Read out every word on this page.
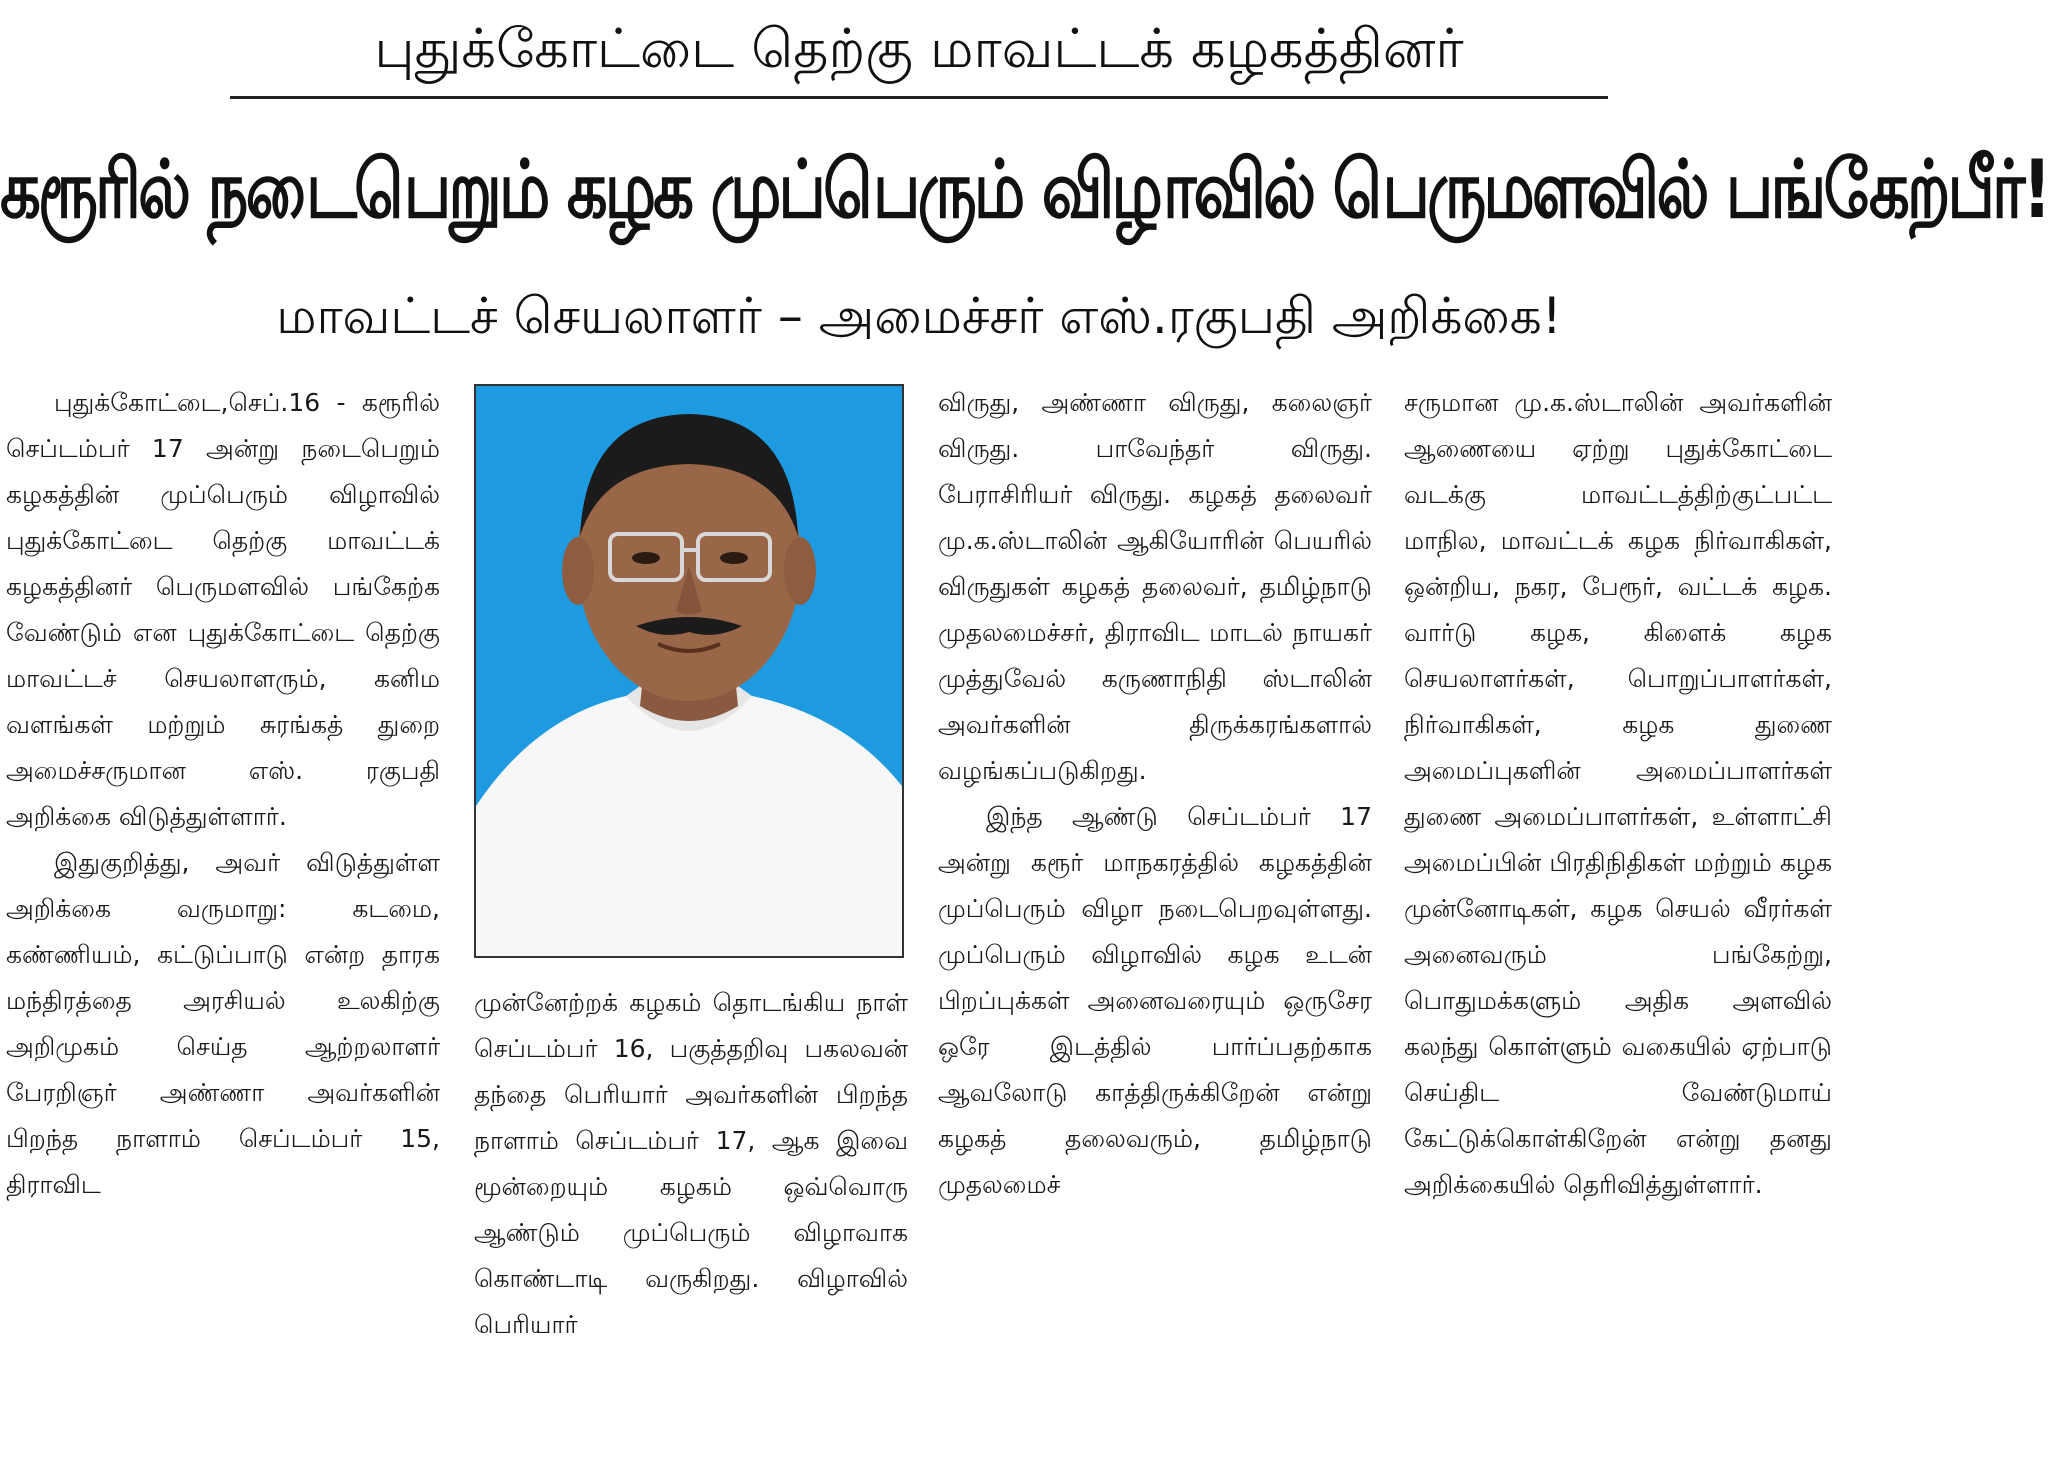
புதுக்கோட்டை தெற்கு மாவட்டக் கழகத்தினர்
கரூரில் நடைபெறும் கழக முப்பெரும் விழாவில் பெருமளவில் பங்கேற்பீர்!
மாவட்டச் செயலாளர் – அமைச்சர் எஸ்.ரகுபதி அறிக்கை!

புதுக்கோட்டை,செப்.16 - கரூரில் செப்டம்பர் 17 அன்று நடைபெறும் கழகத்தின் முப்பெரும் விழாவில் புதுக்கோட்டை தெற்கு மாவட்டக் கழகத்தினர் பெருமளவில் பங்கேற்க வேண்டும் என புதுக்கோட்டை தெற்கு மாவட்டச் செயலாளரும், கனிம வளங்கள் மற்றும் சுரங்கத் துறை அமைச்சருமான எஸ். ரகுபதி அறிக்கை விடுத்துள்ளார்.

இதுகுறித்து, அவர் விடுத்துள்ள அறிக்கை வருமாறு: கடமை, கண்ணியம், கட்டுப்பாடு என்ற தாரக மந்திரத்தை அரசியல் உலகிற்கு அறிமுகம் செய்த ஆற்றலாளர் பேரறிஞர் அண்ணா அவர்களின் பிறந்த நாளாம் செப்டம்பர் 15, திராவிட

முன்னேற்றக் கழகம் தொடங்கிய நாள் செப்டம்பர் 16, பகுத்தறிவு பகலவன் தந்தை பெரியார் அவர்களின் பிறந்த நாளாம் செப்டம்பர் 17, ஆக இவை மூன்றையும் கழகம் ஒவ்வொரு ஆண்டும் முப்பெரும் விழாவாக கொண்டாடி வருகிறது. விழாவில் பெரியார்

விருது, அண்ணா விருது, கலைஞர் விருது. பாவேந்தர் விருது. பேராசிரியர் விருது. கழகத் தலைவர் மு.க.ஸ்டாலின் ஆகியோரின் பெயரில் விருதுகள் கழகத் தலைவர், தமிழ்நாடு முதலமைச்சர், திராவிட மாடல் நாயகர் முத்துவேல் கருணாநிதி ஸ்டாலின் அவர்களின் திருக்கரங்களால் வழங்கப்படுகிறது.

இந்த ஆண்டு செப்டம்பர் 17 அன்று கரூர் மாநகரத்தில் கழகத்தின் முப்பெரும் விழா நடைபெறவுள்ளது. முப்பெரும் விழாவில் கழக உடன் பிறப்புக்கள் அனைவரையும் ஒருசேர ஒரே இடத்தில் பார்ப்பதற்காக ஆவலோடு காத்திருக்கிறேன் என்று கழகத் தலைவரும், தமிழ்நாடு முதலமைச்

சருமான மு.க.ஸ்டாலின் அவர்களின் ஆணையை ஏற்று புதுக்கோட்டை வடக்கு மாவட்டத்திற்குட்பட்ட மாநில, மாவட்டக் கழக நிர்வாகிகள், ஒன்றிய, நகர, பேரூர், வட்டக் கழக. வார்டு கழக, கிளைக் கழக செயலாளர்கள், பொறுப்பாளர்கள், நிர்வாகிகள், கழக துணை அமைப்புகளின் அமைப்பாளர்கள் துணை அமைப்பாளர்கள், உள்ளாட்சி அமைப்பின் பிரதிநிதிகள் மற்றும் கழக முன்னோடிகள், கழக செயல் வீரர்கள் அனைவரும் பங்கேற்று, பொதுமக்களும் அதிக அளவில் கலந்து கொள்ளும் வகையில் ஏற்பாடு செய்திட வேண்டுமாய் கேட்டுக்கொள்கிறேன் என்று தனது அறிக்கையில் தெரிவித்துள்ளார்.
